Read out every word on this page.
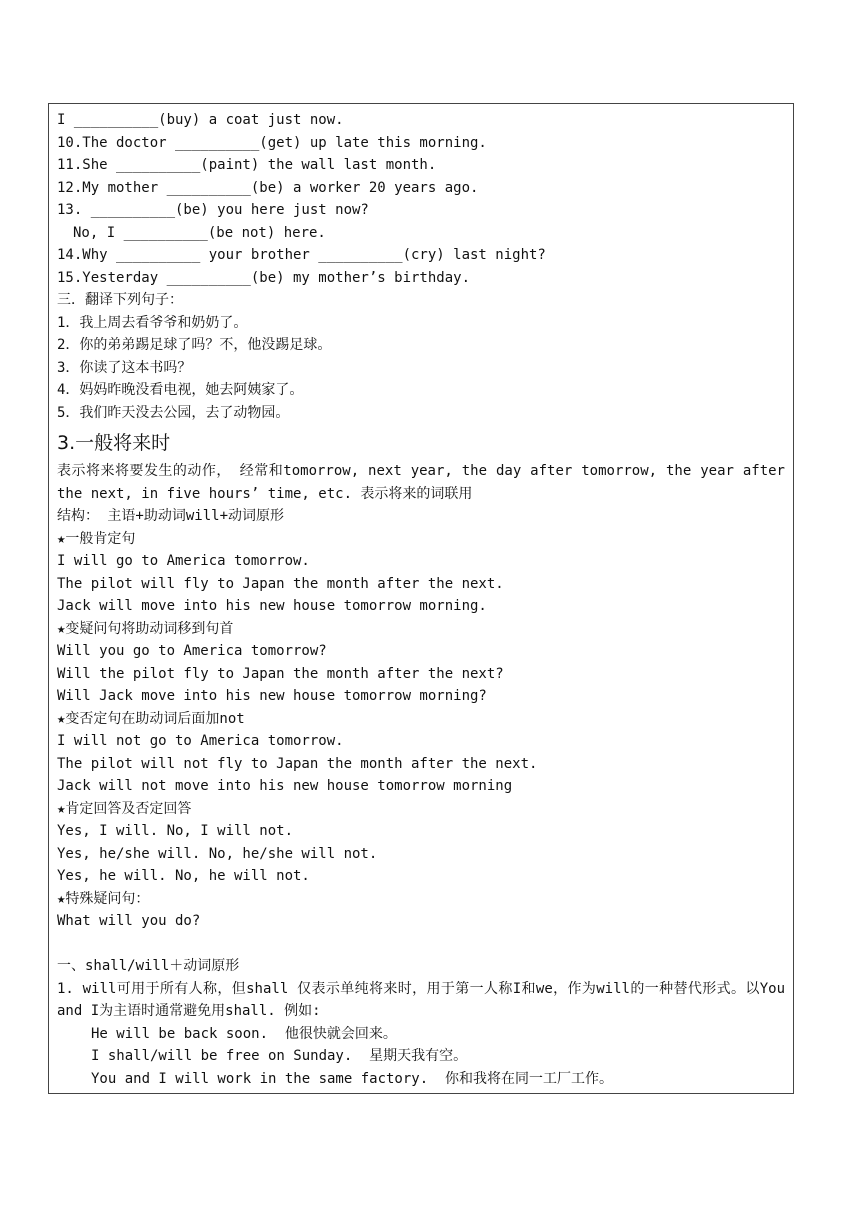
I __________(buy) a coat just now.
10.The doctor __________(get) up late this morning.
11.She __________(paint) the wall last month.
12.My mother __________(be) a worker 20 years ago.
13. __________(be) you here just now?
No, I __________(be not) here.
14.Why __________ your brother __________(cry) last night?
15.Yesterday __________(be) my mother’s birthday.
三．翻译下列句子：
1．我上周去看爷爷和奶奶了。
2．你的弟弟踢足球了吗？不，他没踢足球。
3．你读了这本书吗？
4．妈妈昨晚没看电视，她去阿姨家了。
5．我们昨天没去公园，去了动物园。
3.一般将来时
表示将来将要发生的动作， 经常和tomorrow, next year, the day after tomorrow, the year after the next, in five hours’ time, etc. 表示将来的词联用
结构： 主语+助动词will+动词原形
★一般肯定句
I will go to America tomorrow.
The pilot will fly to Japan the month after the next.
Jack will move into his new house tomorrow morning.
★变疑问句将助动词移到句首
Will you go to America tomorrow?
Will the pilot fly to Japan the month after the next?
Will Jack move into his new house tomorrow morning?
★变否定句在助动词后面加not
I will not go to America tomorrow.
The pilot will not fly to Japan the month after the next.
Jack will not move into his new house tomorrow morning
★肯定回答及否定回答
Yes, I will. No, I will not.
Yes, he/she will. No, he/she will not.
Yes, he will. No, he will not.
★特殊疑问句：
What will you do?
一、shall/will＋动词原形
1. will可用于所有人称，但shall 仅表示单纯将来时，用于第一人称I和we，作为will的一种替代形式。以You and I为主语时通常避免用shall. 例如:
He will be back soon.  他很快就会回来。
I shall/will be free on Sunday.  星期天我有空。
You and I will work in the same factory.  你和我将在同一工厂工作。
